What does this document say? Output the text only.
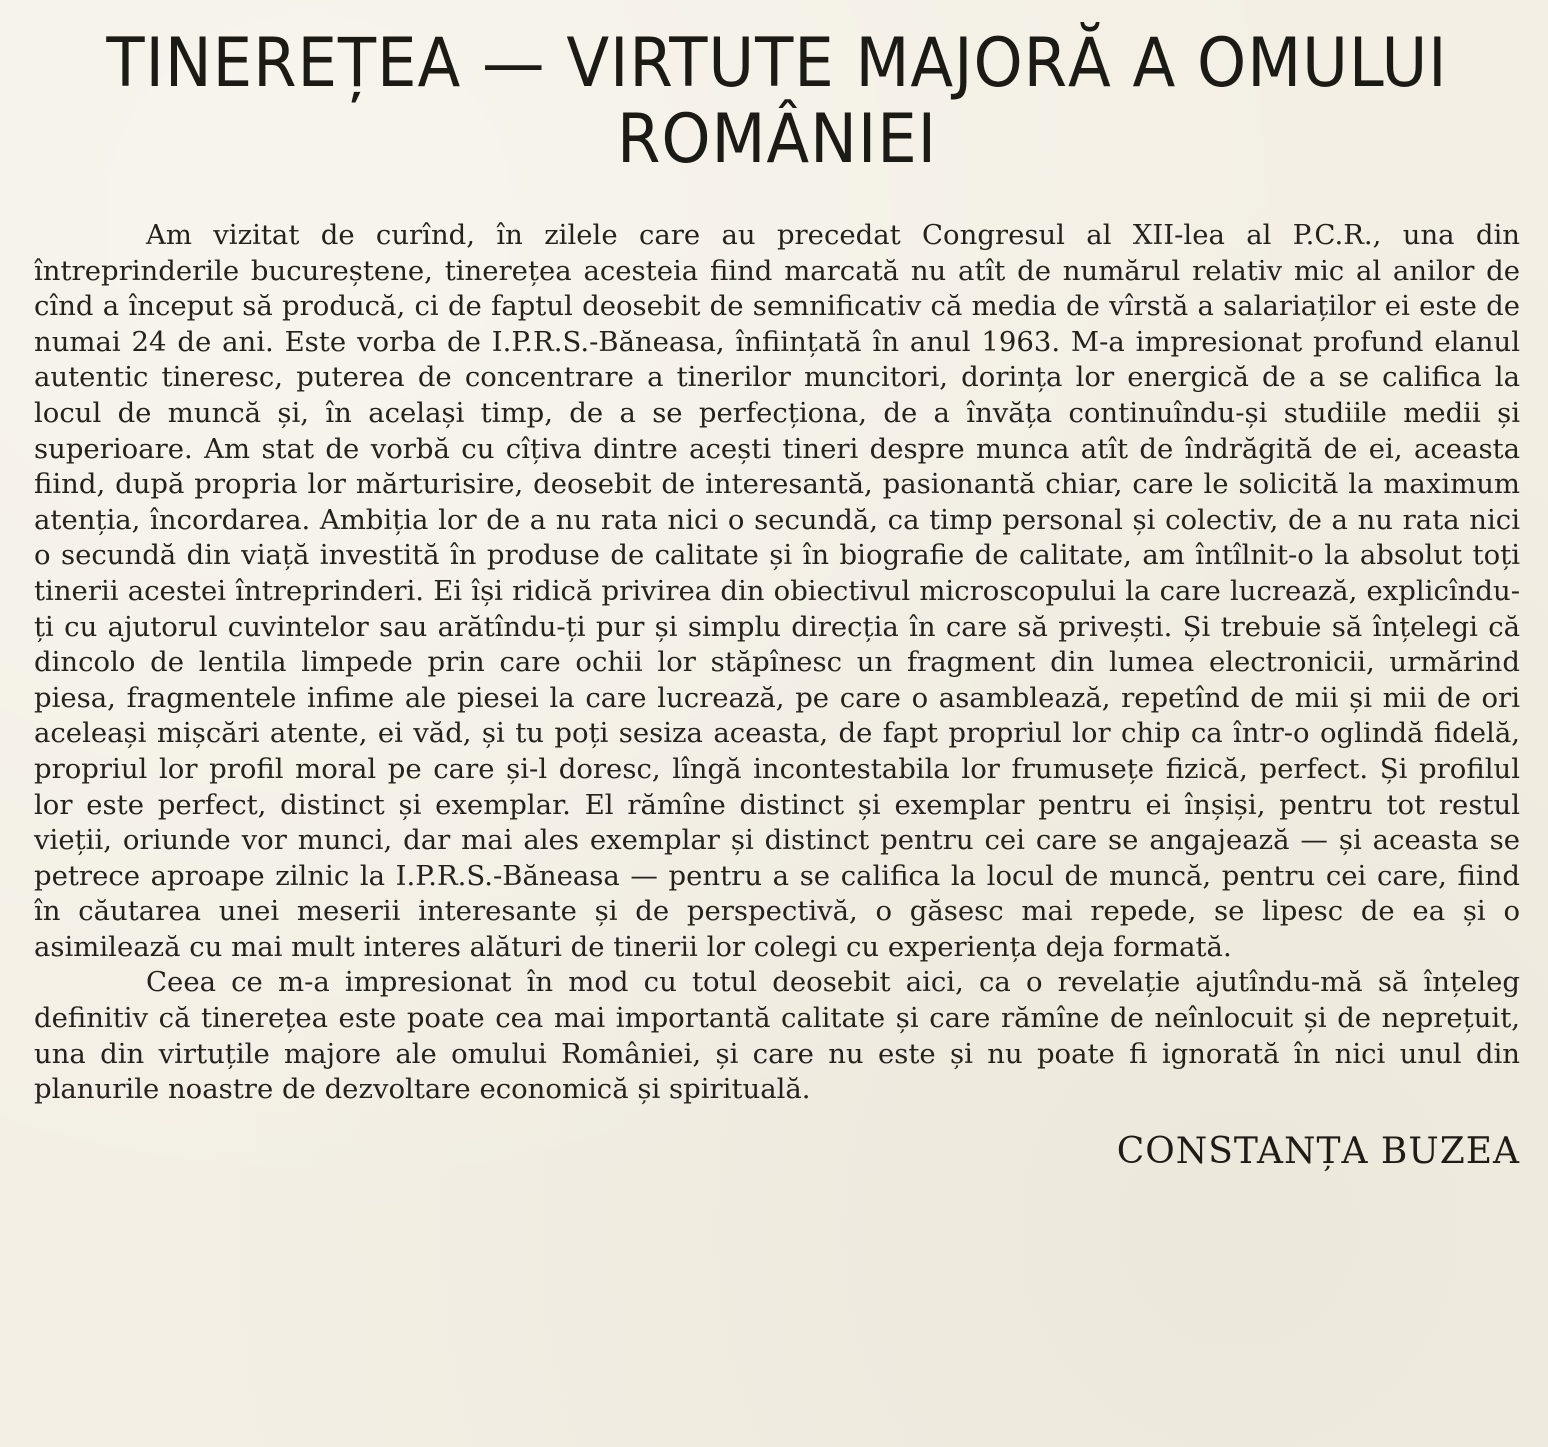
TINEREȚEA — VIRTUTE MAJORĂ A OMULUI
ROMÂNIEI

Am vizitat de curînd, în zilele care au precedat Congresul al XII-lea al P.C.R., una din întreprinderile bucureștene, tinerețea acesteia fiind marcată nu atît de numărul relativ mic al anilor de cînd a început să producă, ci de faptul deosebit de semnificativ că media de vîrstă a salariaților ei este de numai 24 de ani. Este vorba de I.P.R.S.-Băneasa, înființată în anul 1963. M-a impresionat profund elanul autentic tineresc, puterea de concentrare a tinerilor muncitori, dorința lor energică de a se califica la locul de muncă și, în același timp, de a se perfecționa, de a învăța continuîndu-și studiile medii și superioare. Am stat de vorbă cu cîțiva dintre acești tineri despre munca atît de îndrăgită de ei, aceasta fiind, după propria lor mărturisire, deosebit de interesantă, pasionantă chiar, care le solicită la maximum atenția, încordarea. Ambiția lor de a nu rata nici o secundă, ca timp personal și colectiv, de a nu rata nici o secundă din viață investită în produse de calitate și în biografie de calitate, am întîlnit-o la absolut toți tinerii acestei întreprinderi. Ei își ridică privirea din obiectivul microscopului la care lucrează, explicîndu-ți cu ajutorul cuvintelor sau arătîndu-ți pur și simplu direcția în care să privești. Și trebuie să înțelegi că dincolo de lentila limpede prin care ochii lor stăpînesc un fragment din lumea electronicii, urmărind piesa, fragmentele infime ale piesei la care lucrează, pe care o asamblează, repetînd de mii și mii de ori aceleași mișcări atente, ei văd, și tu poți sesiza aceasta, de fapt propriul lor chip ca într-o oglindă fidelă, propriul lor profil moral pe care și-l doresc, lîngă incontestabila lor frumusețe fizică, perfect. Și profilul lor este perfect, distinct și exemplar. El rămîne distinct și exemplar pentru ei înșiși, pentru tot restul vieții, oriunde vor munci, dar mai ales exemplar și distinct pentru cei care se angajează — și aceasta se petrece aproape zilnic la I.P.R.S.-Băneasa — pentru a se califica la locul de muncă, pentru cei care, fiind în căutarea unei meserii interesante și de perspectivă, o găsesc mai repede, se lipesc de ea și o asimilează cu mai mult interes alături de tinerii lor colegi cu experiența deja formată.

Ceea ce m-a impresionat în mod cu totul deosebit aici, ca o revelație ajutîndu-mă să înțeleg definitiv că tinerețea este poate cea mai importantă calitate și care rămîne de neînlocuit și de neprețuit, una din virtuțile majore ale omului României, și care nu este și nu poate fi ignorată în nici unul din planurile noastre de dezvoltare economică și spirituală.

CONSTANȚA BUZEA
